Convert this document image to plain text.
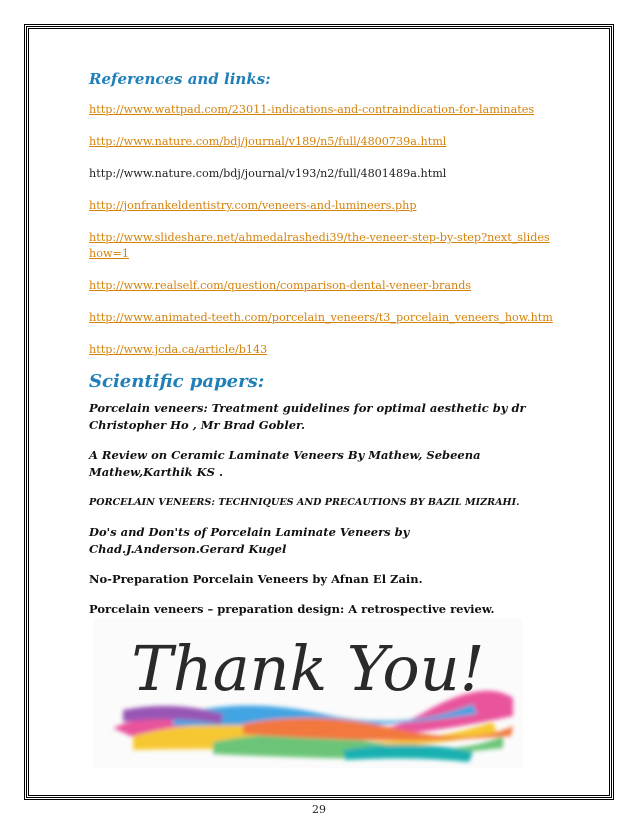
References and links:
http://www.wattpad.com/23011-indications-and-contraindication-for-laminates
http://www.nature.com/bdj/journal/v189/n5/full/4800739a.html
http://www.nature.com/bdj/journal/v193/n2/full/4801489a.html
http://jonfrankeldentistry.com/veneers-and-lumineers.php
http://www.slideshare.net/ahmedalrashedi39/the-veneer-step-by-step?next_slideshow=1
http://www.realself.com/question/comparison-dental-veneer-brands
http://www.animated-teeth.com/porcelain_veneers/t3_porcelain_veneers_how.htm
http://www.jcda.ca/article/b143
Scientific papers:
Porcelain veneers: Treatment guidelines for optimal aesthetic by dr Christopher Ho , Mr Brad Gobler.
A Review on Ceramic Laminate Veneers By Mathew, Sebeena Mathew,Karthik KS .
PORCELAIN VENEERS: TECHNIQUES AND PRECAUTIONS BY BAZIL MIZRAHI.
Do's and Don'ts of Porcelain Laminate Veneers by Chad.J.Anderson.Gerard Kugel
No-Preparation Porcelain Veneers by Afnan El Zain.
Porcelain veneers – preparation design: A retrospective review.
Thank You!
29
